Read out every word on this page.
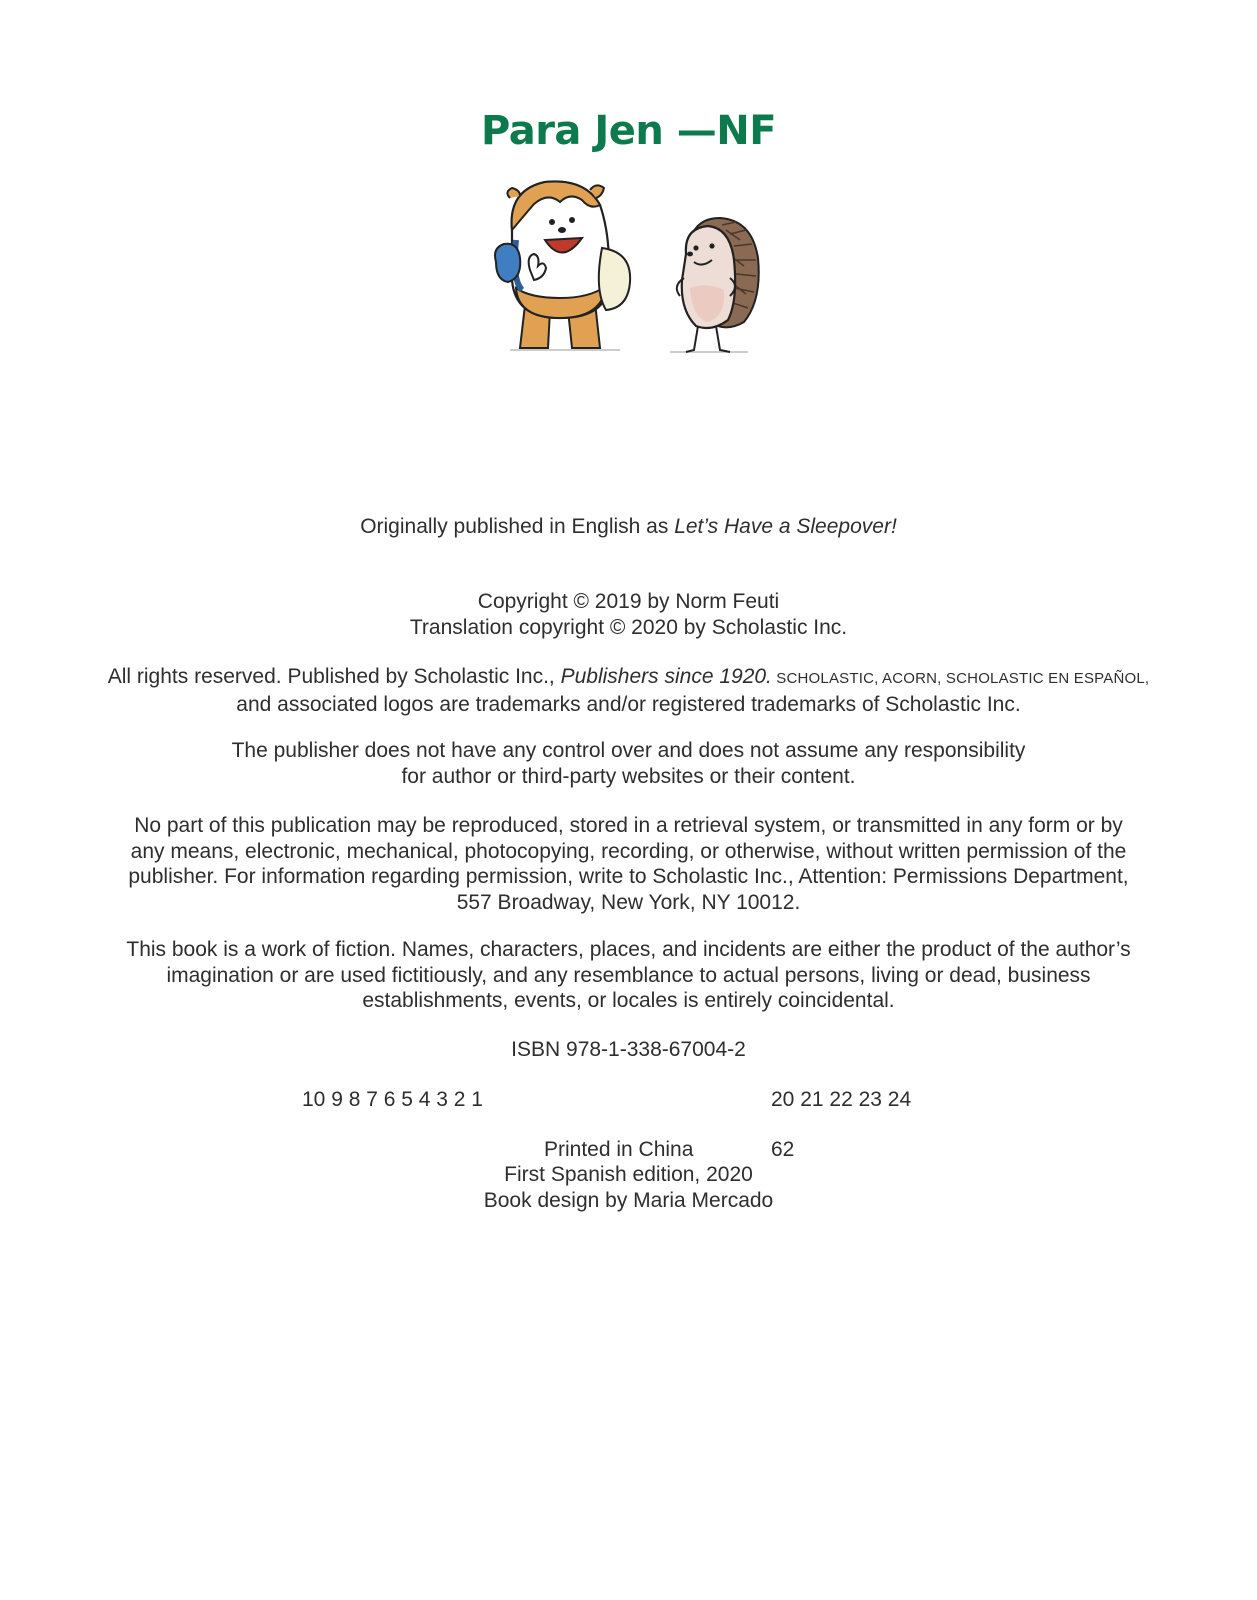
Para Jen —NF

Originally published in English as Let’s Have a Sleepover!

Copyright © 2019 by Norm Feuti

Translation copyright © 2020 by Scholastic Inc.

All rights reserved. Published by Scholastic Inc., Publishers since 1920. SCHOLASTIC, ACORN, SCHOLASTIC EN ESPAÑOL,

and associated logos are trademarks and/or registered trademarks of Scholastic Inc.

The publisher does not have any control over and does not assume any responsibility

for author or third-party websites or their content.

No part of this publication may be reproduced, stored in a retrieval system, or transmitted in any form or by

any means, electronic, mechanical, photocopying, recording, or otherwise, without written permission of the

publisher. For information regarding permission, write to Scholastic Inc., Attention: Permissions Department,

557 Broadway, New York, NY 10012.

This book is a work of fiction. Names, characters, places, and incidents are either the product of the author’s

imagination or are used fictitiously, and any resemblance to actual persons, living or dead, business

establishments, events, or locales is entirely coincidental.

ISBN 978-1-338-67004-2
10 9 8 7 6 5 4 3 2 1	20 21 22 23 24
Printed in China	62

First Spanish edition, 2020

Book design by Maria Mercado
